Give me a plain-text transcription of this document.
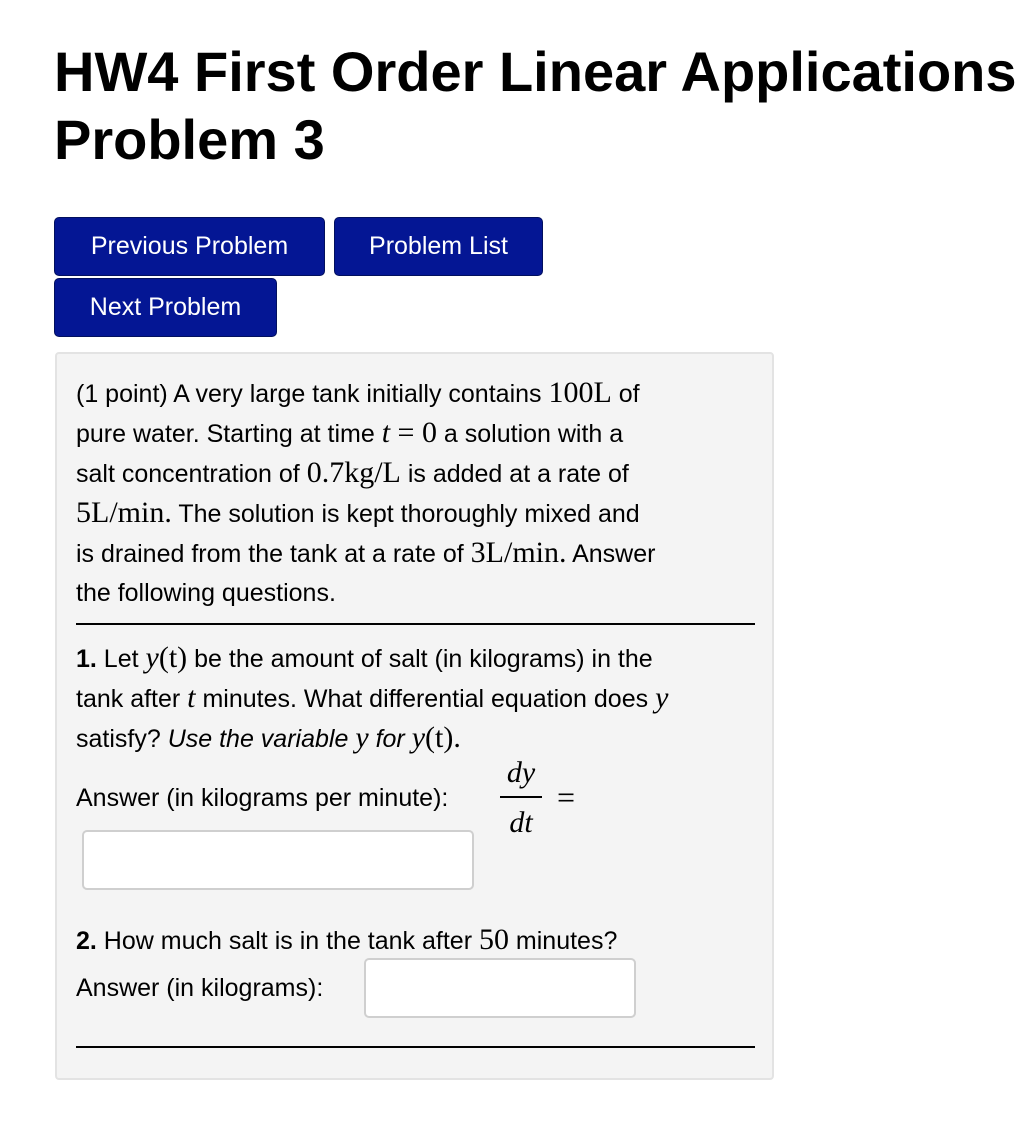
HW4 First Order Linear Applications
Problem 3
Previous Problem	Problem List
Next Problem
(1 point) A very large tank initially contains 100L of
pure water. Starting at time t = 0 a solution with a
salt concentration of 0.7kg/L is added at a rate of
5L/min. The solution is kept thoroughly mixed and
is drained from the tank at a rate of 3L/min. Answer
the following questions.
1. Let y(t) be the amount of salt (in kilograms) in the
tank after t minutes. What differential equation does y
satisfy? Use the variable y for y(t).
Answer (in kilograms per minute):
dy
dt
=
2. How much salt is in the tank after 50 minutes?
Answer (in kilograms):
